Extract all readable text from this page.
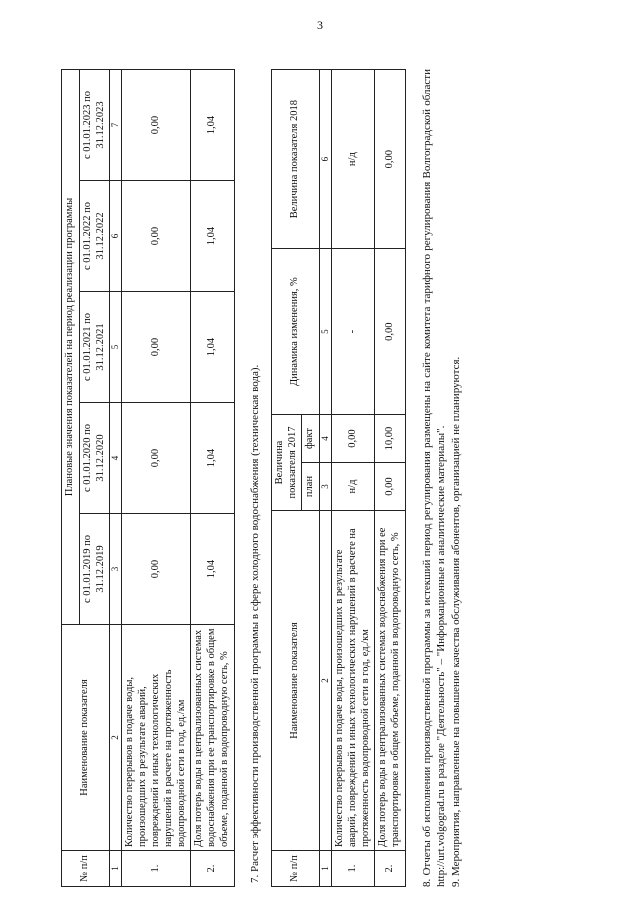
3
№ п/п	Наименование показателя	Плановые значения показателей на период реализации программы				
		с 01.01.2019 по 31.12.2019	с 01.01.2020 по 31.12.2020	с 01.01.2021 по 31.12.2021	с 01.01.2022 по 31.12.2022	с 01.01.2023 по 31.12.2023
1	2	3	4	5	6	7
1.	Количество перерывов в подаче воды, произошедших в результате аварий, повреждений и иных технологических нарушений в расчете на протяженность водопроводной сети в год, ед./км	0,00	0,00	0,00	0,00	0,00
2.	Доля потерь воды в централизованных системах водоснабжения при ее транспортировке в общем объеме, поданной в водопроводную сеть, %	1,04	1,04	1,04	1,04	1,04
7. Расчет эффективности производственной программы в сфере холодного водоснабжения (техническая вода).	№ п/п	Наименование показателя	Величина показателя 2017		Динамика изменения, %	Величина показателя 2018
		план	факт		
1	2	3	4	5	6
1.	Количество перерывов в подаче воды, произошедших в результате аварий, повреждений и иных технологических нарушений в расчете на протяженность водопроводной сети в год, ед./км	н/д	0,00	-	н/д
2.	Доля потерь воды в централизованных системах водоснабжения при ее транспортировке в общем объеме, поданной в водопроводную сеть, %	0,00	10,00	0,00	0,00 8. Отчеты об исполнении производственной программы за истекший период регулирования размещены на сайте комитета тарифного регулирования Волгоградской области http://urt.volgograd.ru в разделе "Деятельность" – "Информационные и аналитические материалы". 9. Мероприятия, направленные на повышение качества обслуживания абонентов, организацией не планируются.
